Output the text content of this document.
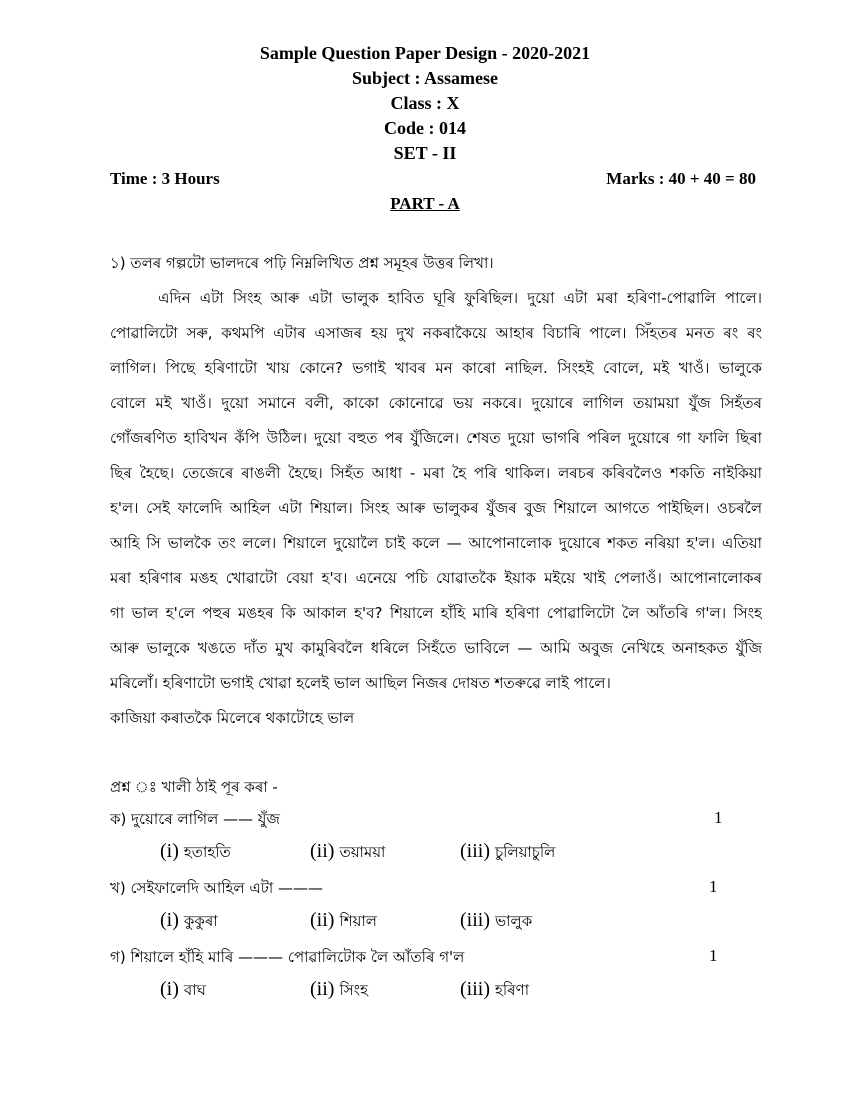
Sample Question Paper Design - 2020-2021
Subject : Assamese
Class : X
Code : 014
SET - II
Time : 3 Hours	Marks : 40 + 40 = 80
PART - A
১) তলৰ গল্পটো ভালদৰে পঢ়ি নিম্নলিখিত প্ৰশ্ন সমূহৰ উত্তৰ লিখা।
এদিন এটা সিংহ আৰু এটা ভালুক হাবিত ঘূৰি ফুৰিছিল। দুয়ো এটা মৰা হৰিণা-পোৱালি পালে।
পোৱালিটো সৰু, কথমপি এটাৰ এসাজৰ হয় দুখ নকৰাকৈয়ে আহাৰ বিচাৰি পালে। সিঁহতৰ মনত ৰং ৰং
লাগিল। পিছে হৰিণাটো খায় কোনে? ভগাই খাবৰ মন কাৰো নাছিল. সিংহই বোলে, মই খাওঁ। ভালুকে
বোলে মই খাওঁ। দুয়ো সমানে বলী, কাকো কোনোৱে ভয় নকৰে। দুয়োৰে লাগিল তয়াময়া যুঁজ সিহঁতৰ
গোঁজৰণিত হাবিখন কঁপি উঠিল। দুয়ো বহুত পৰ যুঁজিলে। শেষত দুয়ো ভাগৰি পৰিল দুয়োৰে গা ফালি ছিৰা
ছিৰ হৈছে। তেজেৰে ৰাঙলী হৈছে। সিহঁত আধা - মৰা হৈ পৰি থাকিল। লৰচৰ কৰিবলৈও শকতি নাইকিয়া
হ'ল। সেই ফালেদি আহিল এটা শিয়াল। সিংহ আৰু ভালুকৰ যুঁজৰ বুজ শিয়ালে আগতে পাইছিল। ওচৰলৈ
আহি সি ভালকৈ তং ললে। শিয়ালে দুয়োলৈ চাই কলে — আপোনালোক দুয়োৰে শকত নৰিয়া হ'ল। এতিয়া
মৰা হৰিণাৰ মঙহ খোৱাটো বেয়া হ'ব। এনেয়ে পচি যোৱাতকৈ ইয়াক মইয়ে খাই পেলাওঁ। আপোনালোকৰ
গা ভাল হ'লে পহুৰ মঙহৰ কি আকাল হ'ব? শিয়ালে হাঁহি মাৰি হৰিণা পোৱালিটো লৈ আঁতৰি গ'ল। সিংহ
আৰু ভালুকে খঙতে দাঁত মুখ কামুৰিবলৈ ধৰিলে সিহঁতে ভাবিলে — আমি অবুজ নেখিহে অনাহকত যুঁজি
মৰিলোঁ। হৰিণাটো ভগাই খোৱা হলেই ভাল আছিল নিজৰ দোষত শতৰুৱে লাই পালে।
কাজিয়া কৰাতকৈ মিলেৰে থকাটোহে ভাল
প্ৰশ্ন ঃ খালী ঠাই পূৰ কৰা -
ক) দুয়োৰে লাগিল —— যুঁজ	1
(i) হতাহতি	(ii) তয়াময়া	(iii) চুলিয়াচুলি
খ) সেইফালেদি আহিল এটা ———	1
(i) কুকুৰা	(ii) শিয়াল	(iii) ভালুক
গ) শিয়ালে হাঁহি মাৰি ——— পোৱালিটোক লৈ আঁতৰি গ'ল	1
(i) বাঘ	(ii) সিংহ	(iii) হৰিণা
